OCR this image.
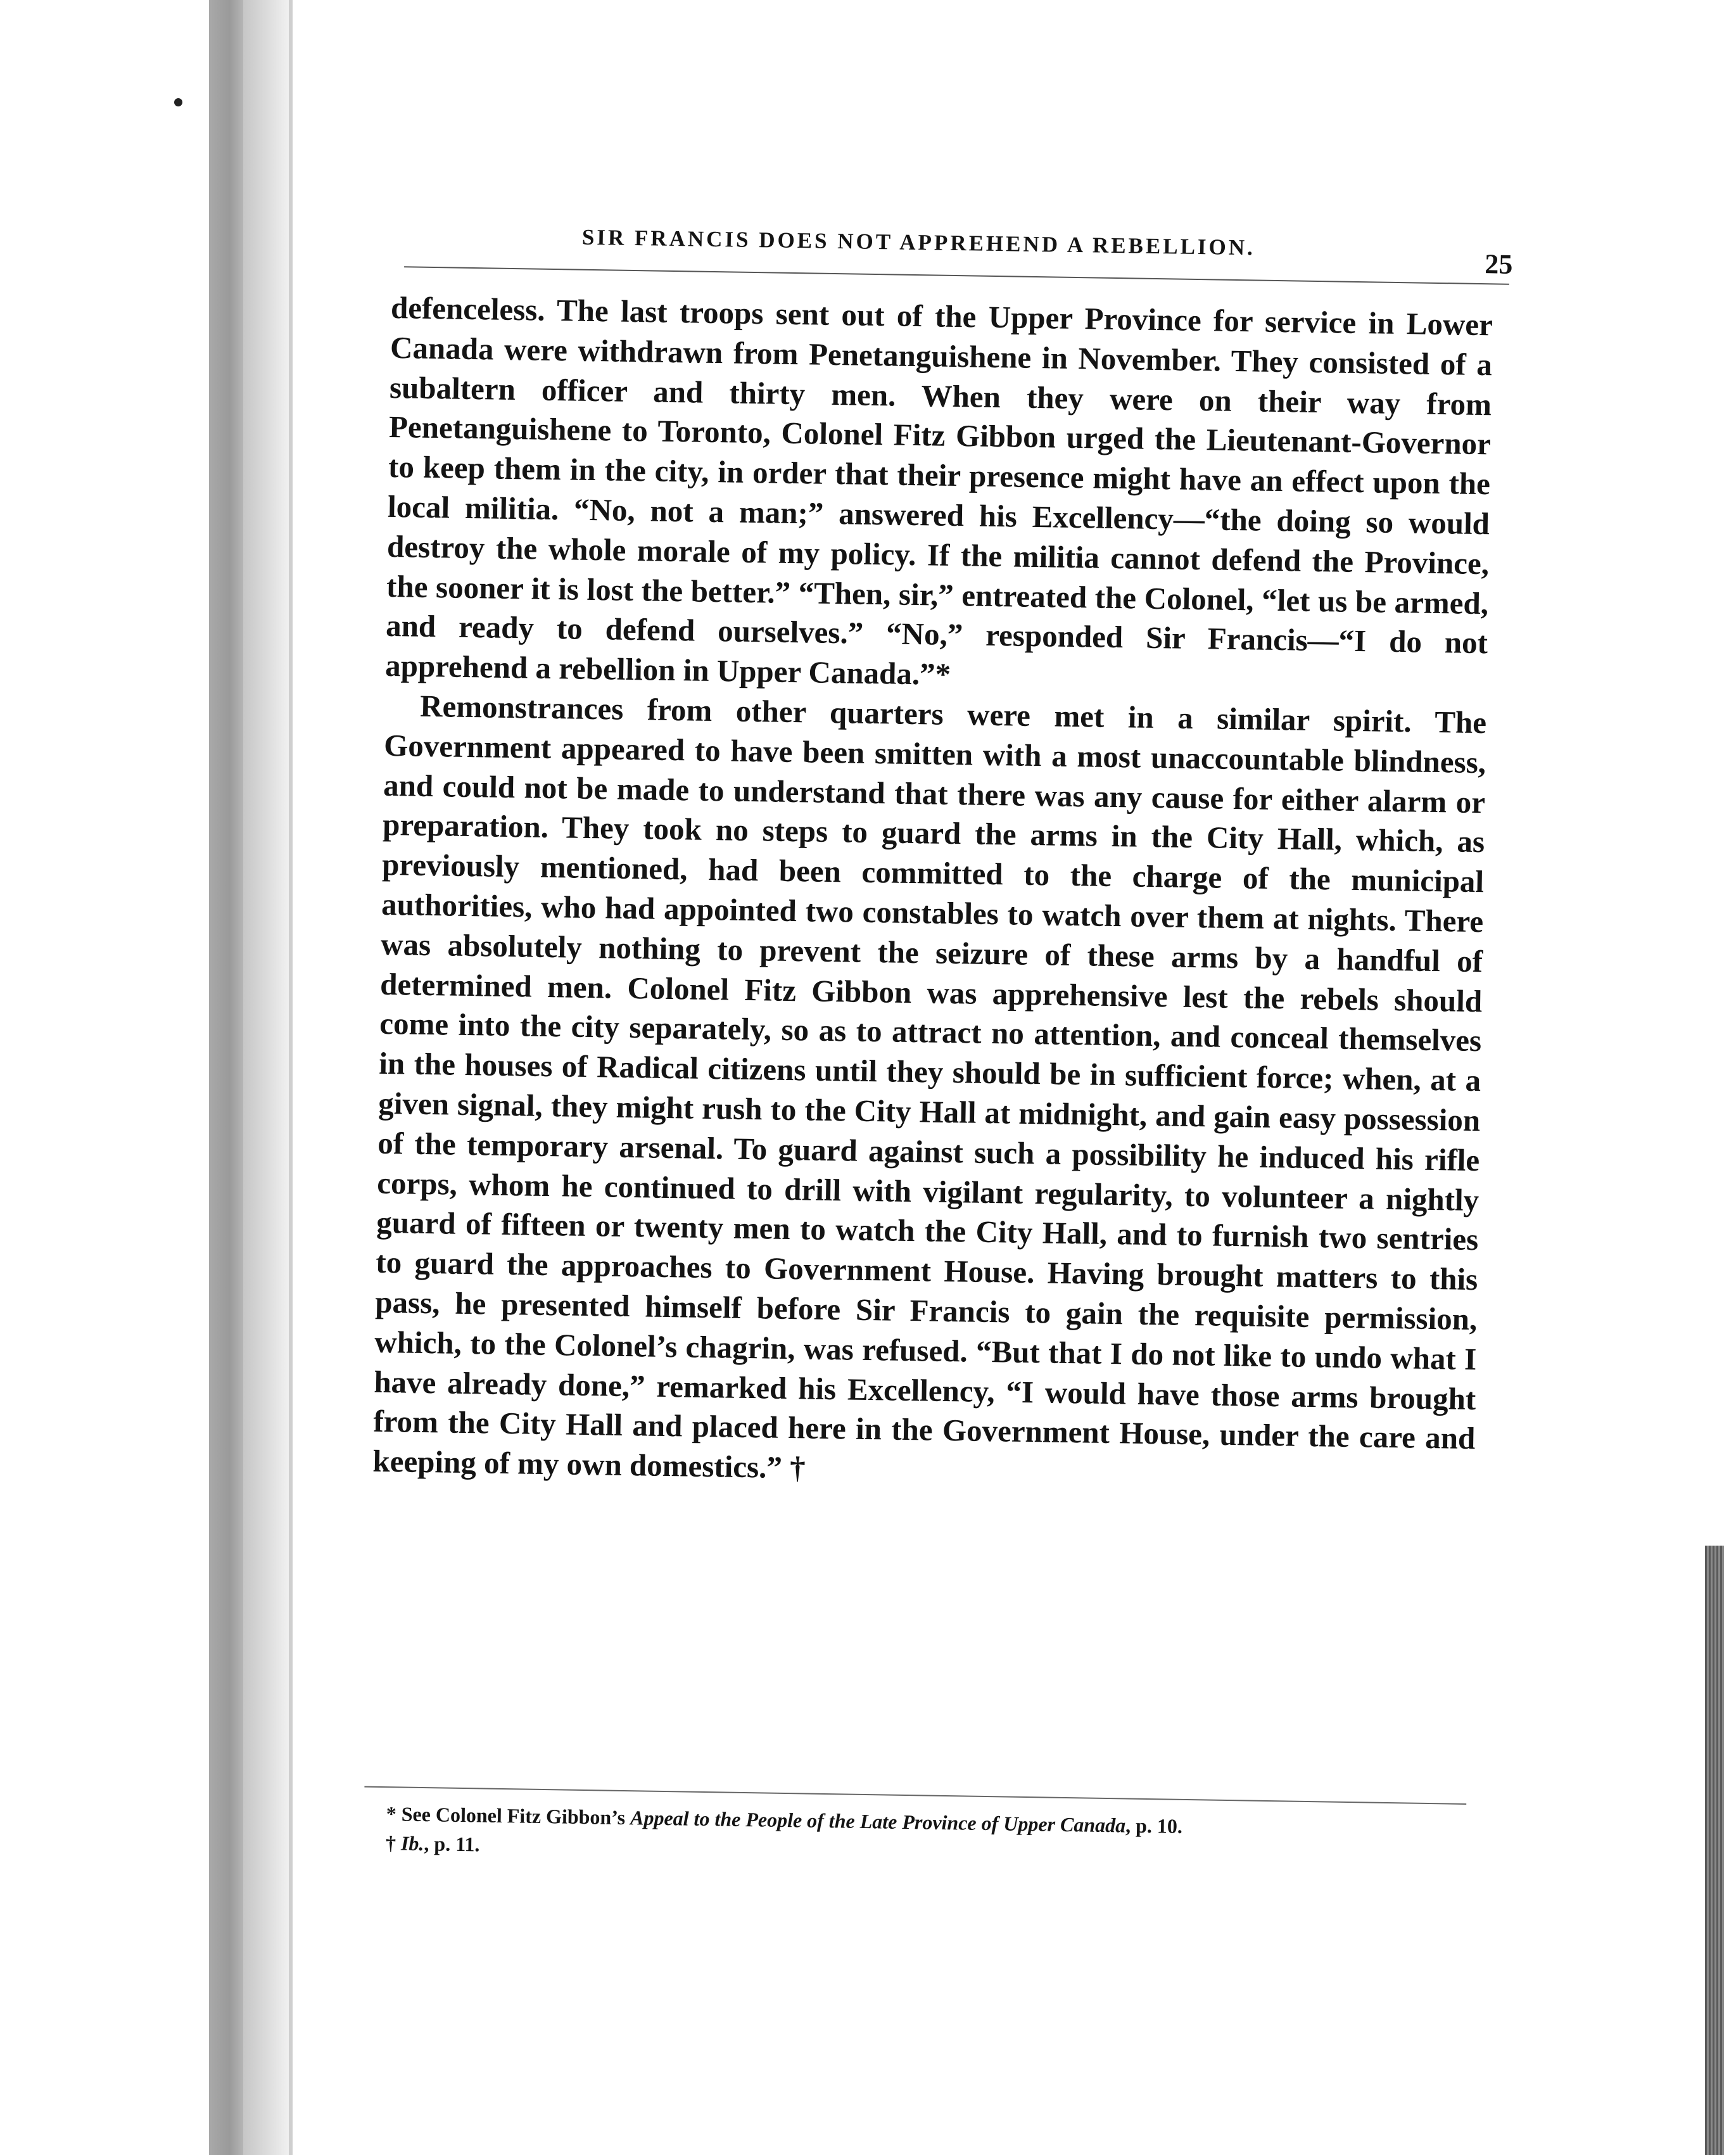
SIR FRANCIS DOES NOT APPREHEND A REBELLION.
25

defenceless. The last troops sent out of the Upper Province for service in Lower Canada were withdrawn from Penetanguishene in November. They consisted of a subaltern officer and thirty men. When they were on their way from Penetanguishene to Toronto, Colonel Fitz Gibbon urged the Lieutenant-Governor to keep them in the city, in order that their presence might have an effect upon the local militia. “No, not a man;” answered his Excellency—“the doing so would destroy the whole morale of my policy. If the militia cannot defend the Province, the sooner it is lost the better.” “Then, sir,” entreated the Colonel, “let us be armed, and ready to defend ourselves.” “No,” responded Sir Francis—“I do not apprehend a rebellion in Upper Canada.”*

Remonstrances from other quarters were met in a similar spirit. The Government appeared to have been smitten with a most unaccountable blindness, and could not be made to understand that there was any cause for either alarm or preparation. They took no steps to guard the arms in the City Hall, which, as previously mentioned, had been committed to the charge of the municipal authorities, who had appointed two constables to watch over them at nights. There was absolutely nothing to prevent the seizure of these arms by a handful of determined men. Colonel Fitz Gibbon was apprehensive lest the rebels should come into the city separately, so as to attract no attention, and conceal themselves in the houses of Radical citizens until they should be in sufficient force; when, at a given signal, they might rush to the City Hall at midnight, and gain easy possession of the temporary arsenal. To guard against such a possibility he induced his rifle corps, whom he continued to drill with vigilant regularity, to volunteer a nightly guard of fifteen or twenty men to watch the City Hall, and to furnish two sentries to guard the approaches to Government House. Having brought matters to this pass, he presented himself before Sir Francis to gain the requisite permission, which, to the Colonel’s chagrin, was refused. “But that I do not like to undo what I have already done,” remarked his Excellency, “I would have those arms brought from the City Hall and placed here in the Government House, under the care and keeping of my own domestics.” †

* See Colonel Fitz Gibbon’s Appeal to the People of the Late Province of Upper Canada, p. 10.
† Ib., p. 11.
